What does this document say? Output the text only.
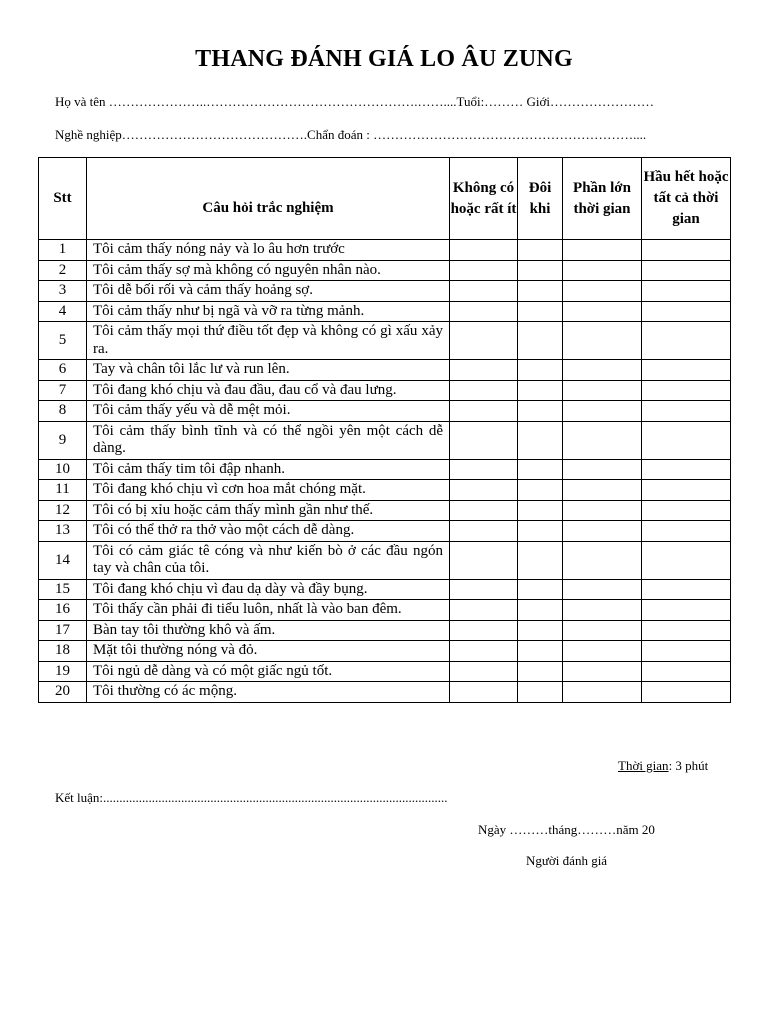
THANG ĐÁNH GIÁ LO ÂU ZUNG
Họ và tên …………………..………………………………………….……....Tuổi:……… Giới……………………
Nghề nghiệp…………………………………….Chẩn đoán : ……………………………………………………....
Stt	Câu hỏi trắc nghiệm	Không có hoặc rất ít	Đôi khi	Phần lớn thời gian	Hầu hết hoặc tất cả thời gian
1	Tôi cảm thấy nóng nảy và lo âu hơn trước				
2	Tôi cảm thấy sợ mà không có nguyên nhân nào.				
3	Tôi dễ bối rối và cảm thấy hoảng sợ.				
4	Tôi cảm thấy như bị ngã và vỡ ra từng mảnh.				
5	Tôi cảm thấy mọi thứ điều tốt đẹp và không có gì xấu xảy ra.				
6	Tay và chân tôi lắc lư và run lên.				
7	Tôi đang khó chịu và đau đầu, đau cổ và đau lưng.				
8	Tôi cảm thấy yếu và dễ mệt mỏi.				
9	Tôi cảm thấy bình tĩnh và có thể ngồi yên một cách dễ dàng.				
10	Tôi cảm thấy tim tôi đập nhanh.				
11	Tôi đang khó chịu vì cơn hoa mắt chóng mặt.				
12	Tôi có bị xỉu hoặc cảm thấy mình gần như thế.				
13	Tôi có thể thở ra thở vào một cách dễ dàng.				
14	Tôi có cảm giác tê cóng và như kiến bò ở các đầu ngón tay và chân của tôi.				
15	Tôi đang khó chịu vì đau dạ dày và đầy bụng.				
16	Tôi thấy cần phải đi tiểu luôn, nhất là vào ban đêm.				
17	Bàn tay tôi thường khô và ấm.				
18	Mặt tôi thường nóng và đỏ.				
19	Tôi ngủ dễ dàng và có một giấc ngủ tốt.				
20	Tôi thường có ác mộng.				
Thời gian: 3 phút
Kết luận:..........................................................................................................
Ngày ………tháng………năm 20
Người đánh giá
